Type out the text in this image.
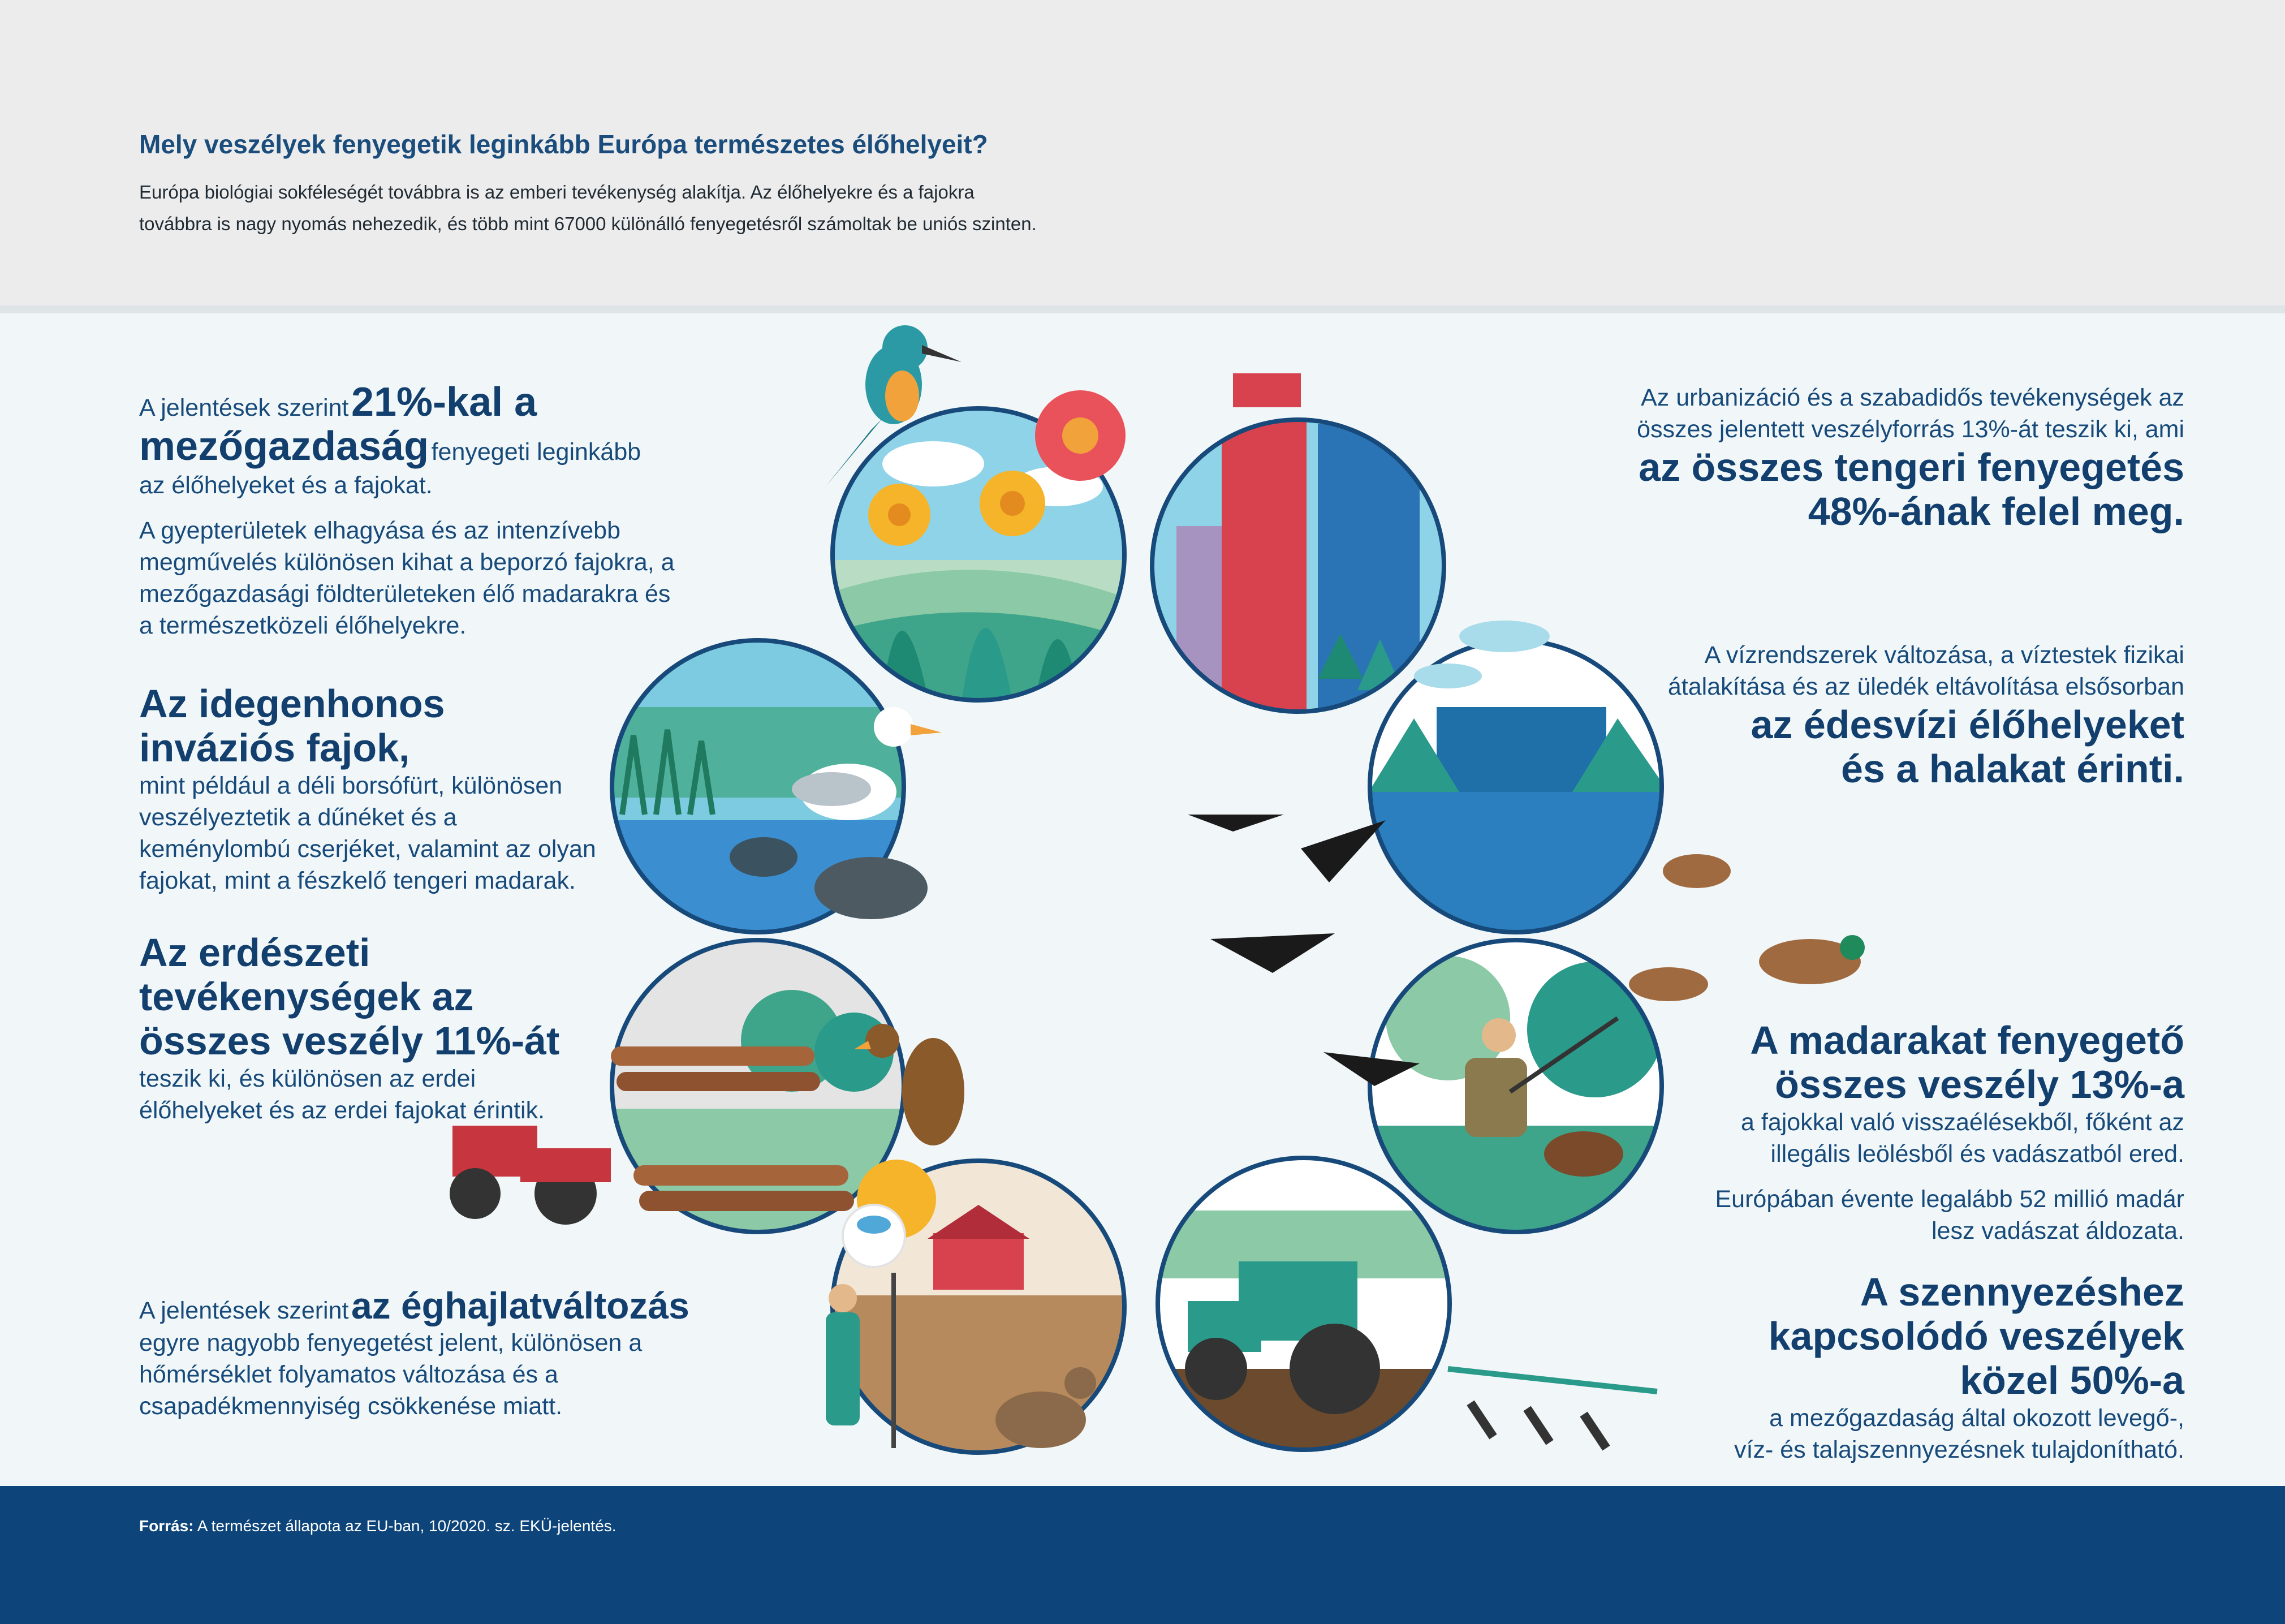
Mely veszélyek fenyegetik leginkább Európa természetes élőhelyeit?
Európa biológiai sokféleségét továbbra is az emberi tevékenység alakítja. Az élőhelyekre és a fajokra
továbbra is nagy nyomás nehezedik, és több mint 67000 különálló fenyegetésről számoltak be uniós szinten.
A jelentések szerint 21%-kal a
mezőgazdaság fenyegeti leginkább
az élőhelyeket és a fajokat.
A gyepterületek elhagyása és az intenzívebb
megművelés különösen kihat a beporzó fajokra, a
mezőgazdasági földterületeken élő madarakra és
a természetközeli élőhelyekre.
Az idegenhonos
inváziós fajok,
mint például a déli borsófürt, különösen
veszélyeztetik a dűnéket és a
keménylombú cserjéket, valamint az olyan
fajokat, mint a fészkelő tengeri madarak.
Az erdészeti
tevékenységek az
összes veszély 11%-át
teszik ki, és különösen az erdei
élőhelyeket és az erdei fajokat érintik.
A jelentések szerint az éghajlatváltozás
egyre nagyobb fenyegetést jelent, különösen a
hőmérséklet folyamatos változása és a
csapadékmennyiség csökkenése miatt.
Az urbanizáció és a szabadidős tevékenységek az
összes jelentett veszélyforrás 13%-át teszik ki, ami
az összes tengeri fenyegetés
48%-ának felel meg.
A vízrendszerek változása, a víztestek fizikai
átalakítása és az üledék eltávolítása elsősorban
az édesvízi élőhelyeket
és a halakat érinti.
A madarakat fenyegető
összes veszély 13%-a
a fajokkal való visszaélésekből, főként az
illegális leölésből és vadászatból ered.
Európában évente legalább 52 millió madár
lesz vadászat áldozata.
A szennyezéshez
kapcsolódó veszélyek
közel 50%-a
a mezőgazdaság által okozott levegő-,
víz- és talajszennyezésnek tulajdonítható.
Forrás: A természet állapota az EU-ban, 10/2020. sz. EKÜ-jelentés.
